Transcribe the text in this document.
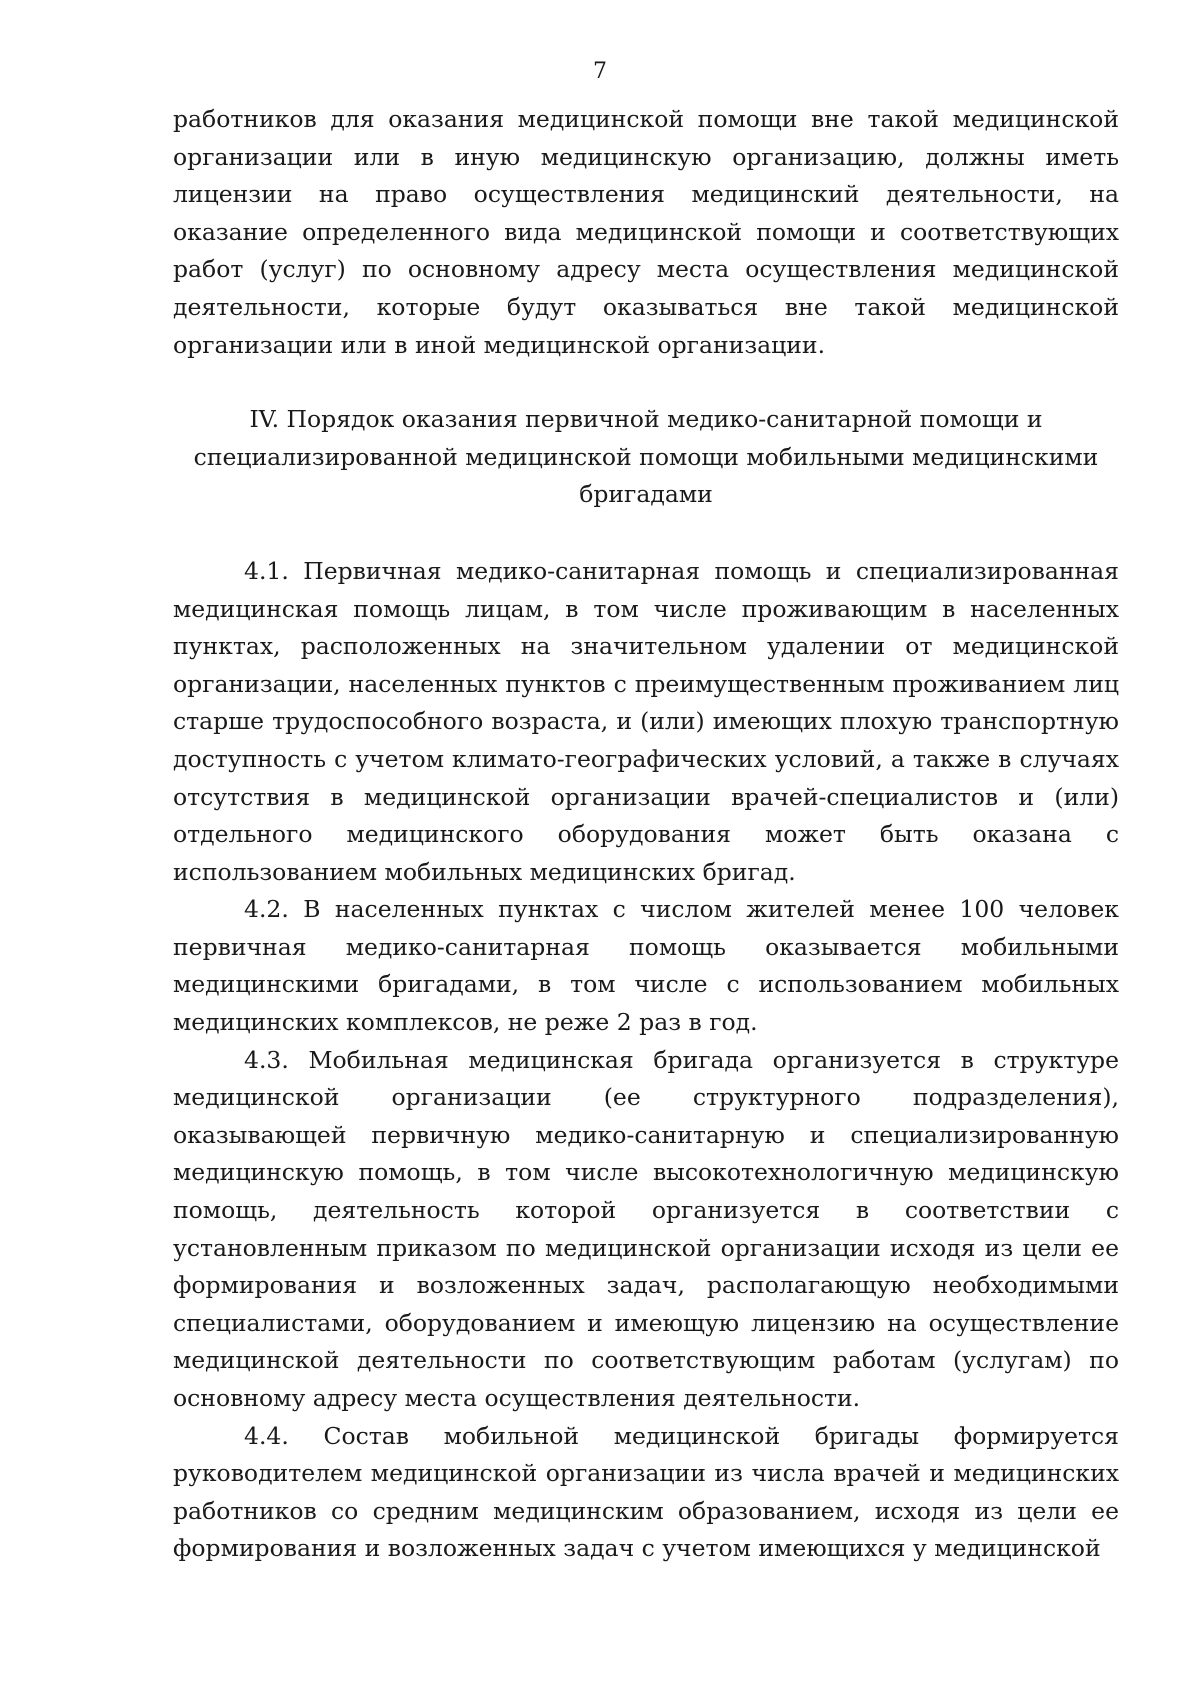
7

работников для оказания медицинской помощи вне такой медицинской организации или в иную медицинскую организацию, должны иметь лицензии на право осуществления медицинский деятельности, на оказание определенного вида медицинской помощи и соответствующих работ (услуг) по основному адресу места осуществления медицинской деятельности, которые будут оказываться вне такой медицинской организации или в иной медицинской организации.

IV. Порядок оказания первичной медико-санитарной помощи и специализированной медицинской помощи мобильными медицинскими бригадами

4.1. Первичная медико-санитарная помощь и специализированная медицинская помощь лицам, в том числе проживающим в населенных пунктах, расположенных на значительном удалении от медицинской организации, населенных пунктов с преимущественным проживанием лиц старше трудоспособного возраста, и (или) имеющих плохую транспортную доступность с учетом климато-географических условий, а также в случаях отсутствия в медицинской организации врачей-специалистов и (или) отдельного медицинского оборудования может быть оказана с использованием мобильных медицинских бригад.

4.2. В населенных пунктах с числом жителей менее 100 человек первичная медико-санитарная помощь оказывается мобильными медицинскими бригадами, в том числе с использованием мобильных медицинских комплексов, не реже 2 раз в год.

4.3. Мобильная медицинская бригада организуется в структуре медицинской организации (ее структурного подразделения), оказывающей первичную медико-санитарную и специализированную медицинскую помощь, в том числе высокотехнологичную медицинскую помощь, деятельность которой организуется в соответствии с установленным приказом по медицинской организации исходя из цели ее формирования и возложенных задач, располагающую необходимыми специалистами, оборудованием и имеющую лицензию на осуществление медицинской деятельности по соответствующим работам (услугам) по основному адресу места осуществления деятельности.

4.4. Состав мобильной медицинской бригады формируется руководителем медицинской организации из числа врачей и медицинских работников со средним медицинским образованием, исходя из цели ее формирования и возложенных задач с учетом имеющихся у медицинской
